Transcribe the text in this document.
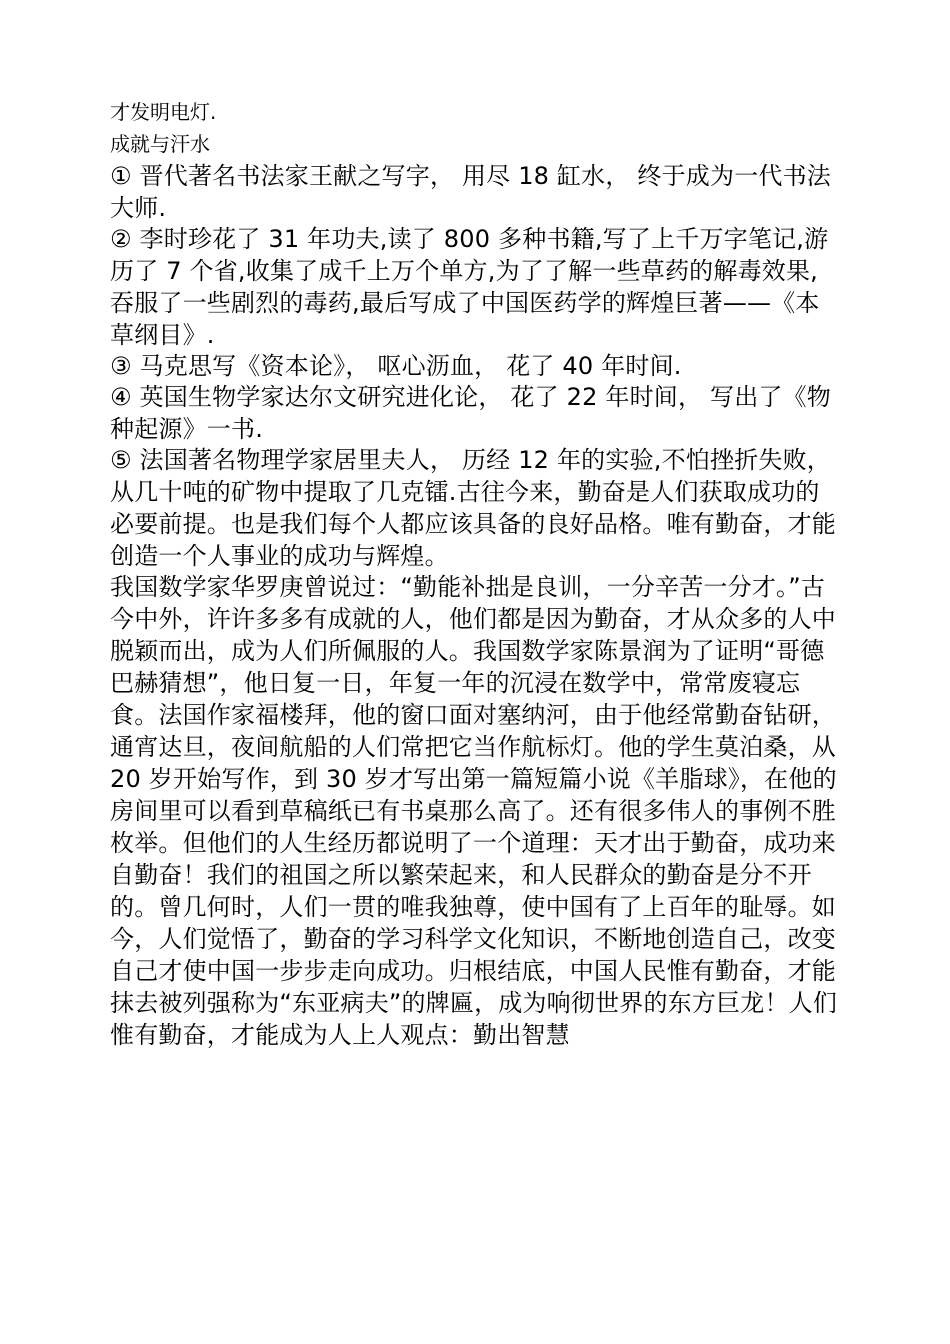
才发明电灯.
成就与汗水

① 晋代著名书法家王献之写字， 用尽 18 缸水， 终于成为一代书法大师.

② 李时珍花了 31 年功夫,读了 800 多种书籍,写了上千万字笔记,游历了 7 个省,收集了成千上万个单方,为了了解一些草药的解毒效果,吞服了一些剧烈的毒药,最后写成了中国医药学的辉煌巨著——《本草纲目》.

③ 马克思写《资本论》， 呕心沥血， 花了 40 年时间.

④ 英国生物学家达尔文研究进化论， 花了 22 年时间， 写出了《物种起源》一书.

⑤ 法国著名物理学家居里夫人， 历经 12 年的实验,不怕挫折失败， 从几十吨的矿物中提取了几克镭.古往今来，勤奋是人们获取成功的必要前提。也是我们每个人都应该具备的良好品格。唯有勤奋，才能创造一个人事业的成功与辉煌。

我国数学家华罗庚曾说过：“勤能补拙是良训，一分辛苦一分才。”古今中外，许许多多有成就的人，他们都是因为勤奋，才从众多的人中脱颖而出，成为人们所佩服的人。我国数学家陈景润为了证明“哥德巴赫猜想”，他日复一日，年复一年的沉浸在数学中，常常废寝忘食。法国作家福楼拜，他的窗口面对塞纳河，由于他经常勤奋钻研，通宵达旦，夜间航船的人们常把它当作航标灯。他的学生莫泊桑，从 20 岁开始写作，到 30 岁才写出第一篇短篇小说《羊脂球》，在他的房间里可以看到草稿纸已有书桌那么高了。还有很多伟人的事例不胜枚举。但他们的人生经历都说明了一个道理：天才出于勤奋，成功来自勤奋！我们的祖国之所以繁荣起来，和人民群众的勤奋是分不开的。曾几何时，人们一贯的唯我独尊，使中国有了上百年的耻辱。如今，人们觉悟了，勤奋的学习科学文化知识，不断地创造自己，改变自己才使中国一步步走向成功。归根结底，中国人民惟有勤奋，才能抹去被列强称为“东亚病夫”的牌匾，成为响彻世界的东方巨龙！人们惟有勤奋，才能成为人上人观点：勤出智慧
